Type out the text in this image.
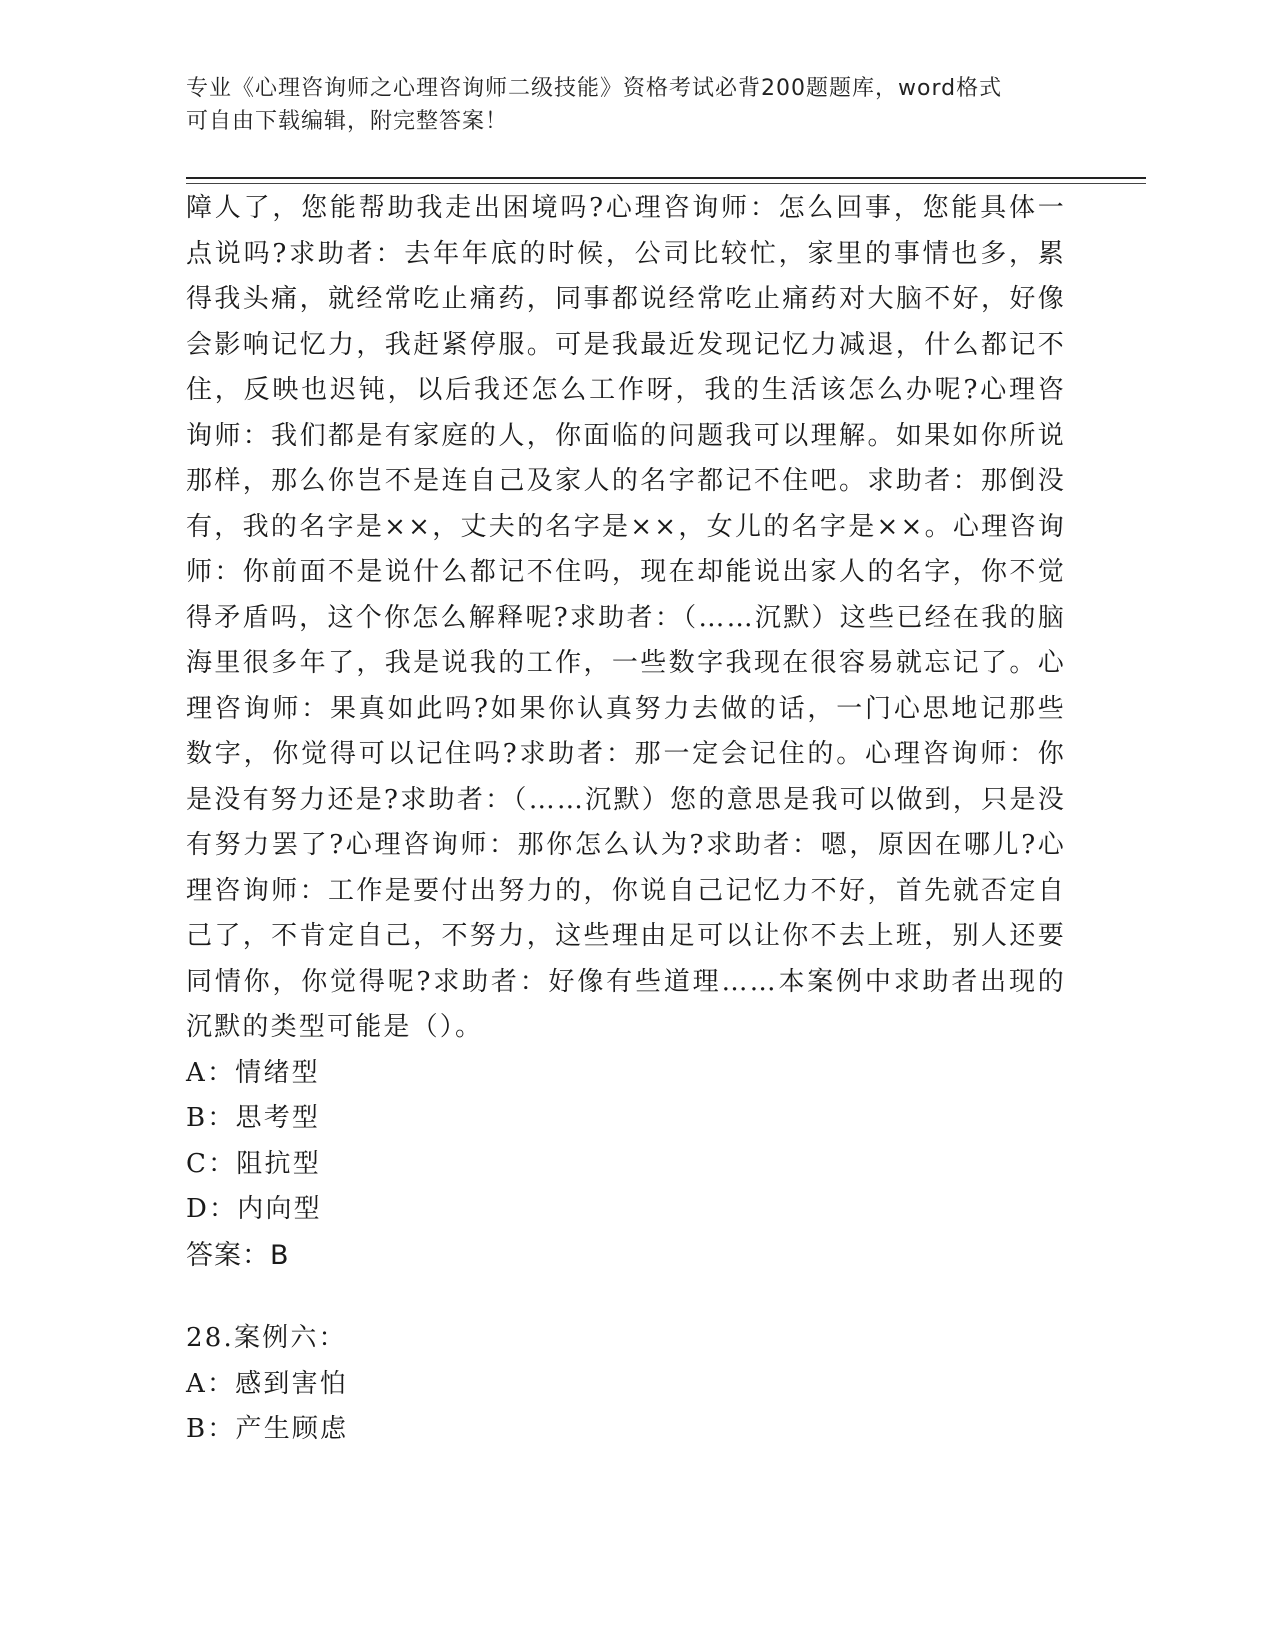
专业《心理咨询师之心理咨询师二级技能》资格考试必背200题题库，word格式
可自由下载编辑，附完整答案！

障人了，您能帮助我走出困境吗?心理咨询师：怎么回事，您能具体一点说吗?求助者：去年年底的时候，公司比较忙，家里的事情也多，累得我头痛，就经常吃止痛药，同事都说经常吃止痛药对大脑不好，好像会影响记忆力，我赶紧停服。可是我最近发现记忆力减退，什么都记不住，反映也迟钝，以后我还怎么工作呀，我的生活该怎么办呢?心理咨询师：我们都是有家庭的人，你面临的问题我可以理解。如果如你所说那样，那么你岂不是连自己及家人的名字都记不住吧。求助者：那倒没有，我的名字是××，丈夫的名字是××，女儿的名字是××。心理咨询师：你前面不是说什么都记不住吗，现在却能说出家人的名字，你不觉得矛盾吗，这个你怎么解释呢?求助者：（……沉默）这些已经在我的脑海里很多年了，我是说我的工作，一些数字我现在很容易就忘记了。心理咨询师：果真如此吗?如果你认真努力去做的话，一门心思地记那些数字，你觉得可以记住吗?求助者：那一定会记住的。心理咨询师：你是没有努力还是?求助者：（……沉默）您的意思是我可以做到，只是没有努力罢了?心理咨询师：那你怎么认为?求助者：嗯，原因在哪儿?心理咨询师：工作是要付出努力的，你说自己记忆力不好，首先就否定自己了，不肯定自己，不努力，这些理由足可以让你不去上班，别人还要同情你，你觉得呢?求助者：好像有些道理……本案例中求助者出现的沉默的类型可能是（）。

A：情绪型

B：思考型

C：阻抗型

D：内向型

答案：B

28.案例六：

A：感到害怕

B：产生顾虑
